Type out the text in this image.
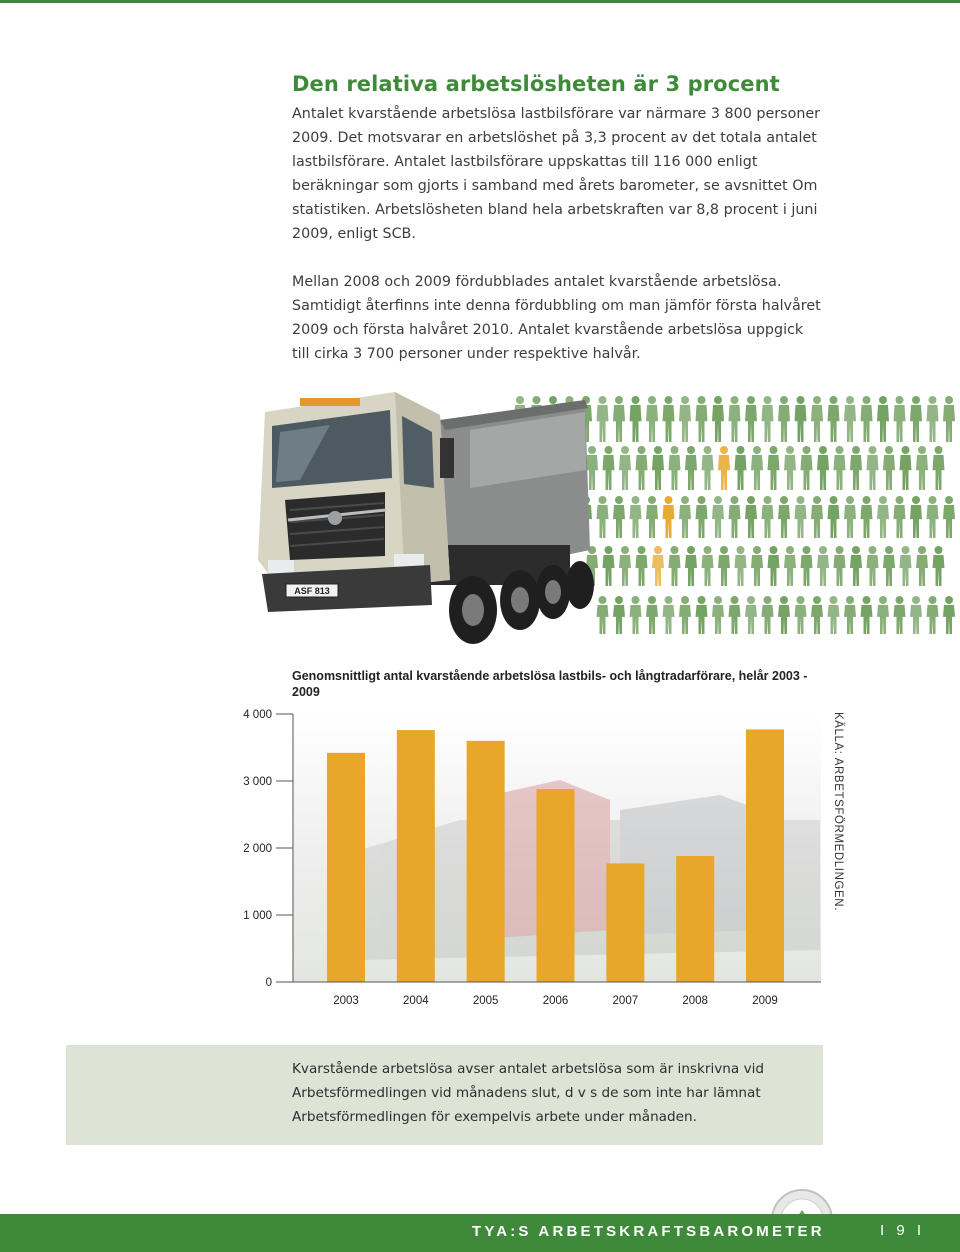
Den relativa arbetslösheten är 3 procent

Antalet kvarstående arbetslösa lastbilsförare var närmare 3 800 personer 2009. Det motsvarar en arbetslöshet på 3,3 procent av det totala antalet lastbilsförare. Antalet lastbilsförare uppskattas till 116 000 enligt beräkningar som gjorts i samband med årets barometer, se avsnittet Om statistiken. Arbetslösheten bland hela arbetskraften var 8,8 procent i juni 2009, enligt SCB.

Mellan 2008 och 2009 fördubblades antalet kvarstående arbetslösa. Samtidigt återfinns inte denna fördubbling om man jämför första halvåret 2009 och första halvåret 2010. Antalet kvarstående arbetslösa uppgick till cirka 3 700 personer under respektive halvår.

ASF 813
Genomsnittligt antal kvarstående arbetslösa lastbils- och långtradarförare, helår 2003 - 2009
0
1 000
2 000
3 000
4 000
2003	2004	2005	2006	2007	2008	2009
KÄLLA: ARBETSFÖRMEDLINGEN.

Kvarstående arbetslösa avser antalet arbetslösa som är inskrivna vid Arbetsförmedlingen vid månadens slut, d v s de som inte har lämnat Arbetsförmedlingen för exempelvis arbete under månaden.

TYA:S ARBETSKRAFTSBAROMETER	I 9 I
